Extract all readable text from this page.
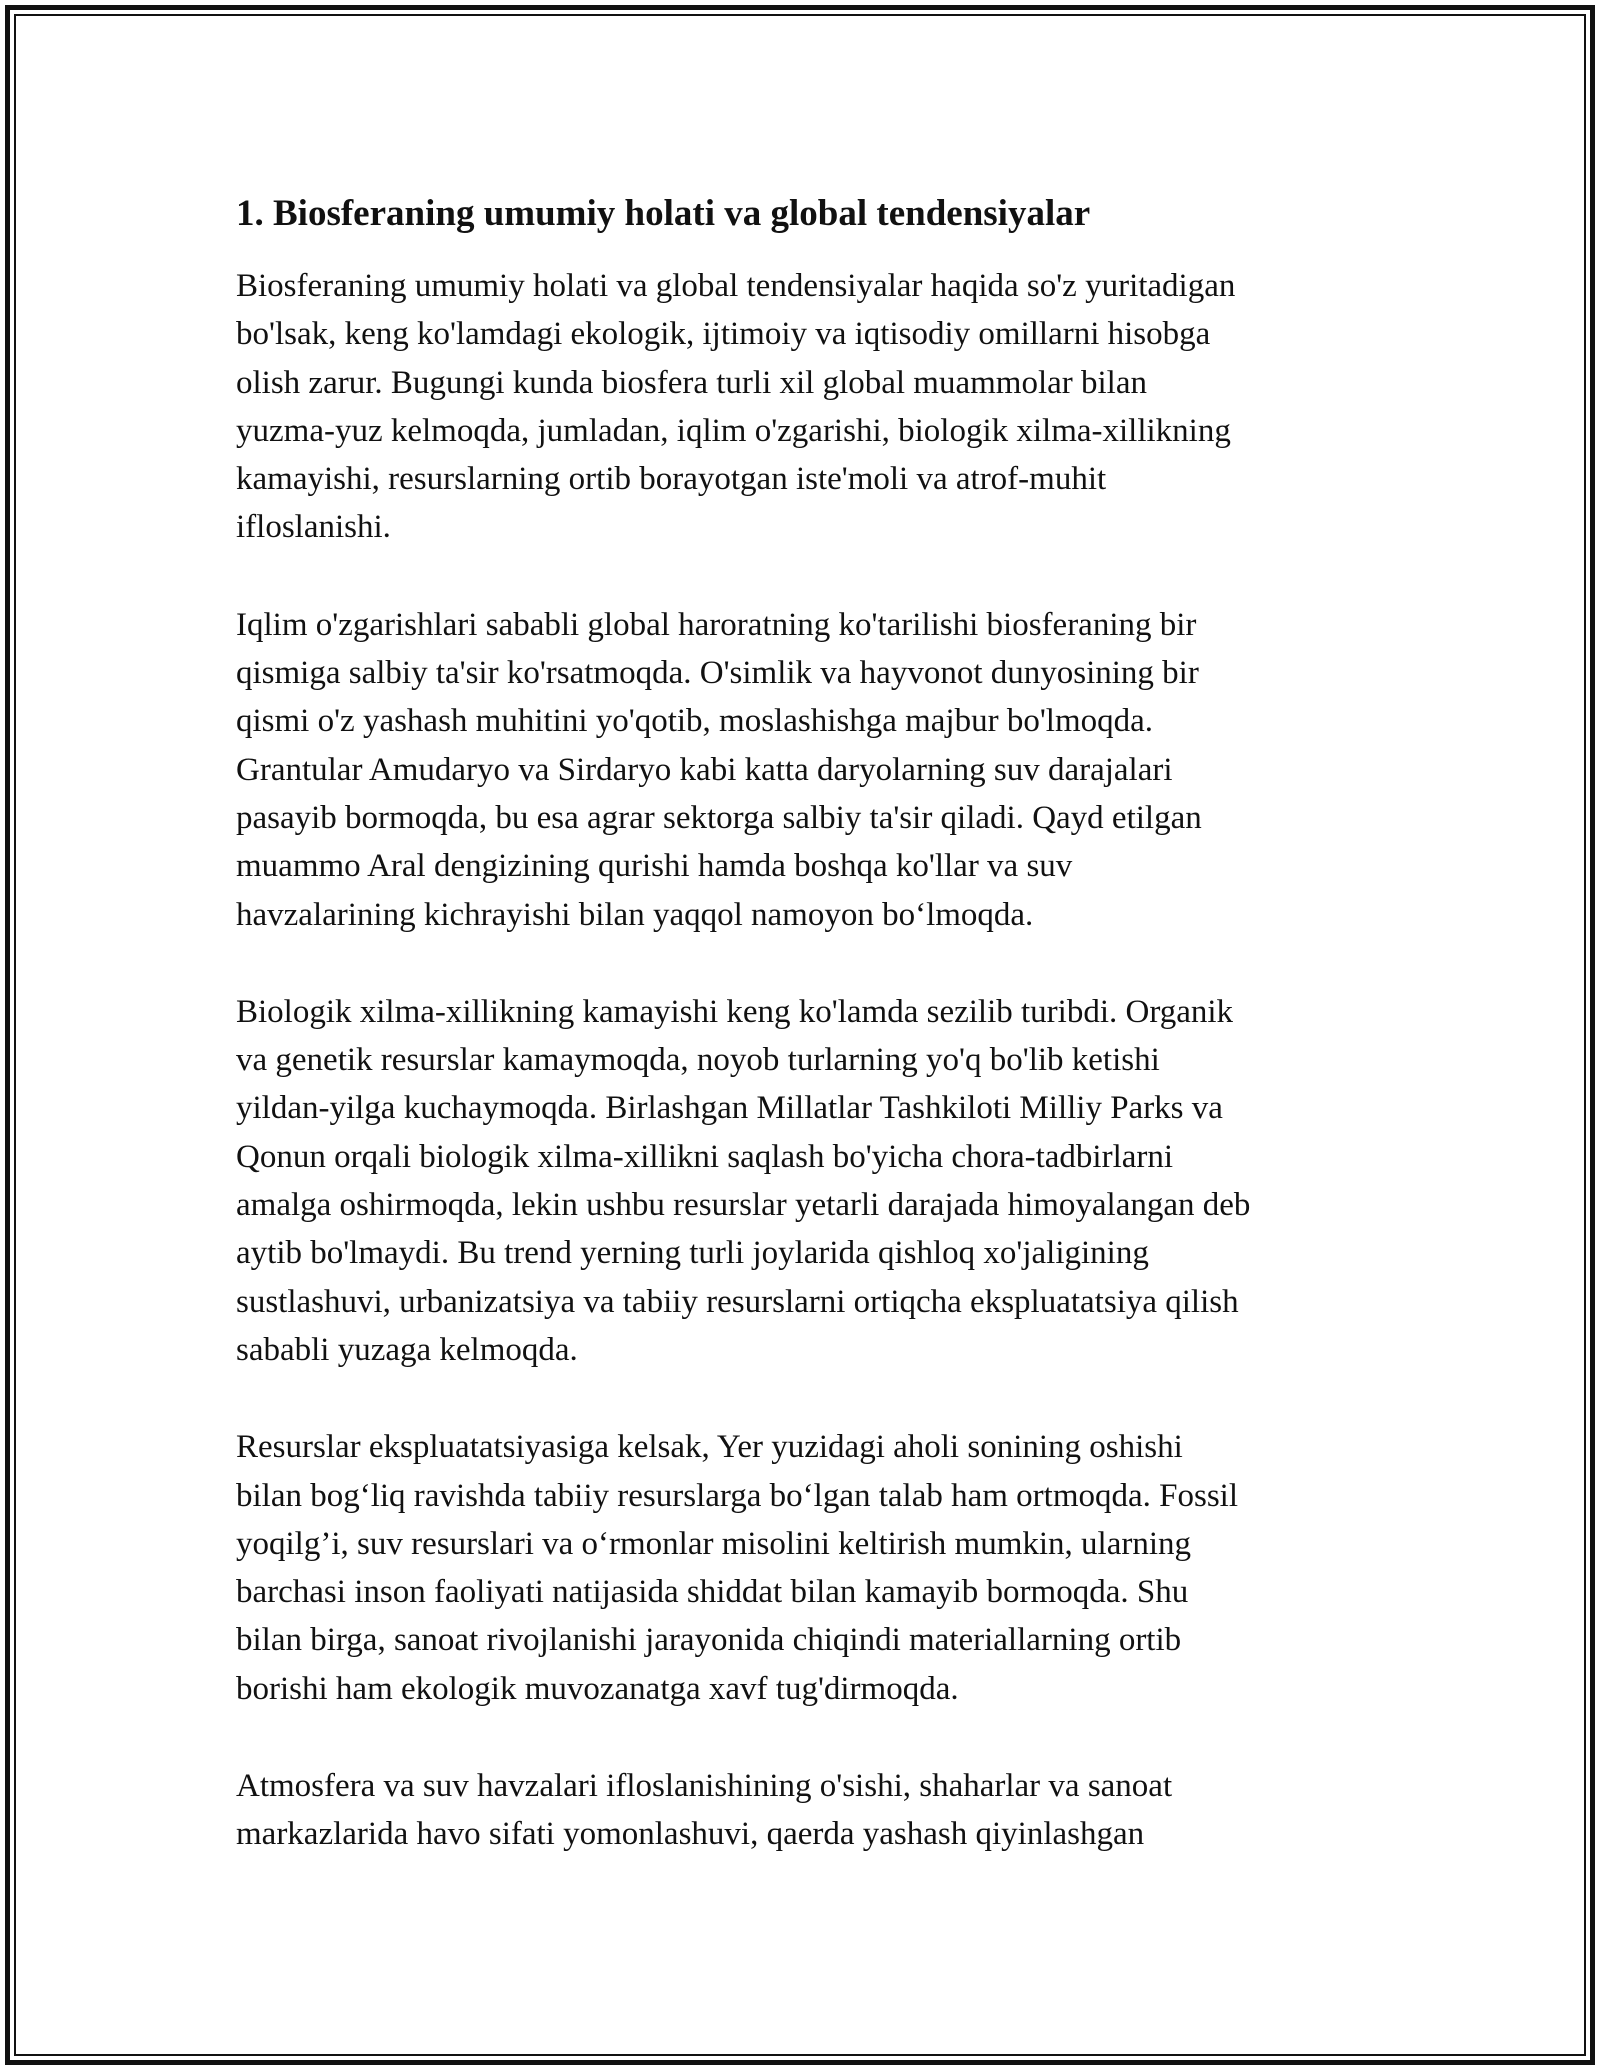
1. Biosferaning umumiy holati va global tendensiyalar

Biosferaning umumiy holati va global tendensiyalar haqida so'z yuritadigan
bo'lsak, keng ko'lamdagi ekologik, ijtimoiy va iqtisodiy omillarni hisobga
olish zarur. Bugungi kunda biosfera turli xil global muammolar bilan
yuzma-yuz kelmoqda, jumladan, iqlim o'zgarishi, biologik xilma-xillikning
kamayishi, resurslarning ortib borayotgan iste'moli va atrof-muhit
ifloslanishi.

Iqlim o'zgarishlari sababli global haroratning ko'tarilishi biosferaning bir
qismiga salbiy ta'sir ko'rsatmoqda. O'simlik va hayvonot dunyosining bir
qismi o'z yashash muhitini yo'qotib, moslashishga majbur bo'lmoqda.
Grantular Amudaryo va Sirdaryo kabi katta daryolarning suv darajalari
pasayib bormoqda, bu esa agrar sektorga salbiy ta'sir qiladi. Qayd etilgan
muammo Aral dengizining qurishi hamda boshqa ko'llar va suv
havzalarining kichrayishi bilan yaqqol namoyon bo‘lmoqda.

Biologik xilma-xillikning kamayishi keng ko'lamda sezilib turibdi. Organik
va genetik resurslar kamaymoqda, noyob turlarning yo'q bo'lib ketishi
yildan-yilga kuchaymoqda. Birlashgan Millatlar Tashkiloti Milliy Parks va
Qonun orqali biologik xilma-xillikni saqlash bo'yicha chora-tadbirlarni
amalga oshirmoqda, lekin ushbu resurslar yetarli darajada himoyalangan deb
aytib bo'lmaydi. Bu trend yerning turli joylarida qishloq xo'jaligining
sustlashuvi, urbanizatsiya va tabiiy resurslarni ortiqcha ekspluatatsiya qilish
sababli yuzaga kelmoqda.

Resurslar ekspluatatsiyasiga kelsak, Yer yuzidagi aholi sonining oshishi
bilan bog‘liq ravishda tabiiy resurslarga bo‘lgan talab ham ortmoqda. Fossil
yoqilg’i, suv resurslari va o‘rmonlar misolini keltirish mumkin, ularning
barchasi inson faoliyati natijasida shiddat bilan kamayib bormoqda. Shu
bilan birga, sanoat rivojlanishi jarayonida chiqindi materiallarning ortib
borishi ham ekologik muvozanatga xavf tug'dirmoqda.

Atmosfera va suv havzalari ifloslanishining o'sishi, shaharlar va sanoat
markazlarida havo sifati yomonlashuvi, qaerda yashash qiyinlashgan
